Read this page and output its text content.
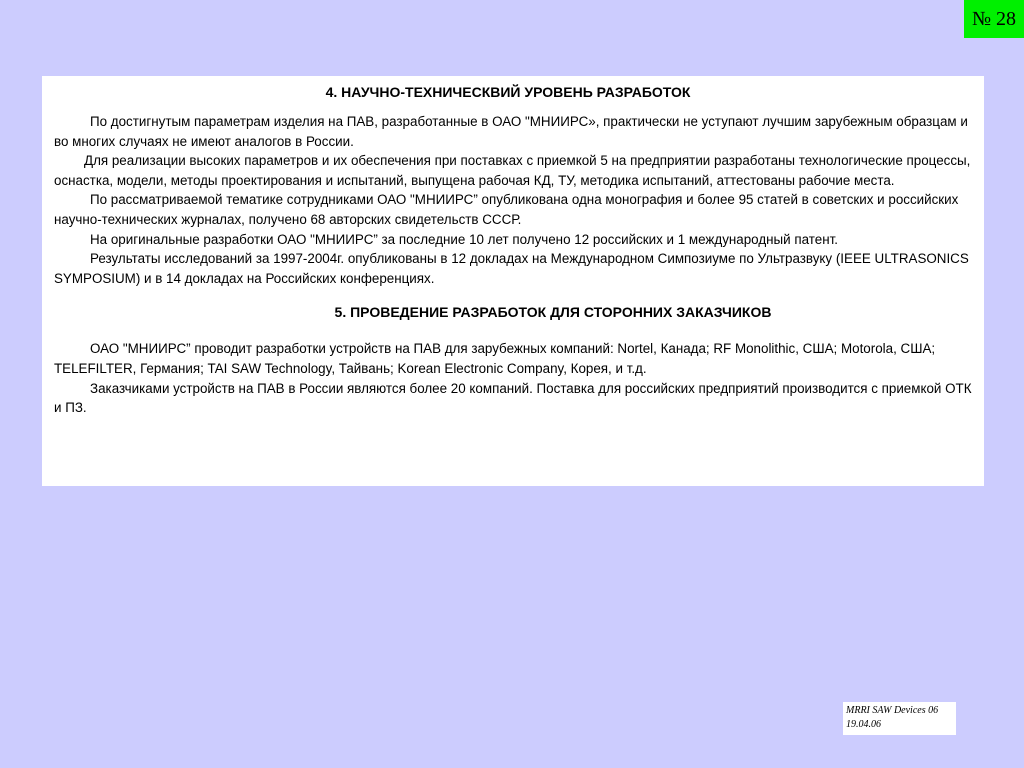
№ 28

4. НАУЧНО-ТЕХНИЧЕСКВИЙ УРОВЕНЬ РАЗРАБОТОК

По достигнутым параметрам изделия на ПАВ, разработанные в ОАО "МНИИРС», практически не уступают лучшим зарубежным образцам и во многих случаях не имеют аналогов в России.

Для реализации высоких параметров и их обеспечения при поставках с приемкой 5 на предприятии разработаны технологические процессы, оснастка, модели, методы проектирования и испытаний, выпущена рабочая КД, ТУ, методика испытаний, аттестованы рабочие места.

По рассматриваемой тематике сотрудниками ОАО "МНИИРС” опубликована одна монография и более 95 статей в советских и российских научно-технических журналах, получено 68 авторских свидетельств СССР.

На оригинальные разработки ОАО "МНИИРС” за последние 10 лет получено 12 российских и 1 международный патент.

Результаты исследований за 1997-2004г. опубликованы в 12 докладах на Международном Симпозиуме по Ультразвуку (IEEE ULTRASONICS SYMPOSIUM) и в 14 докладах на Российских конференциях.

5. ПРОВЕДЕНИЕ РАЗРАБОТОК ДЛЯ СТОРОННИХ ЗАКАЗЧИКОВ

ОАО "МНИИРС” проводит разработки устройств на ПАВ для зарубежных компаний: Nortel, Канада; RF Monolithic, США; Motorola, США; TELEFILTER, Германия; TAI SAW Technology, Тайвань; Korean Electronic Company, Корея, и т.д.

Заказчиками устройств на ПАВ в России являются более 20 компаний. Поставка для российских предприятий производится с приемкой ОТК и ПЗ.

MRRI SAW Devices 06
19.04.06
